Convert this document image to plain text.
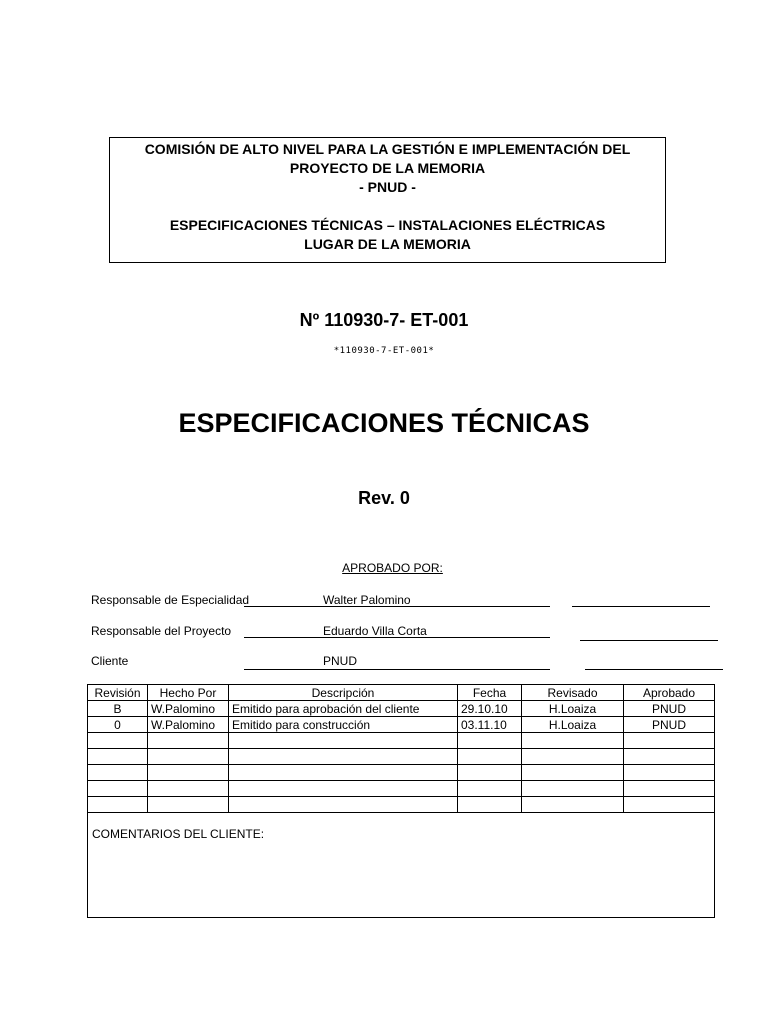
COMISIÓN DE ALTO NIVEL PARA LA GESTIÓN E IMPLEMENTACIÓN DEL
PROYECTO DE LA MEMORIA
- PNUD -
ESPECIFICACIONES TÉCNICAS – INSTALACIONES ELÉCTRICAS
LUGAR DE LA MEMORIA
Nº 110930-7- ET-001
*110930-7-ET-001*
ESPECIFICACIONES TÉCNICAS
Rev. 0
APROBADO POR:
Responsable de Especialidad	Walter Palomino
Responsable del Proyecto	Eduardo Villa Corta
Cliente	PNUD
Revisión	Hecho Por	Descripción	Fecha	Revisado	Aprobado
B	W.Palomino	Emitido para aprobación del cliente	29.10.10	H.Loaiza	PNUD
0	W.Palomino	Emitido para construcción	03.11.10	H.Loaiza	PNUD

COMENTARIOS DEL CLIENTE:					
